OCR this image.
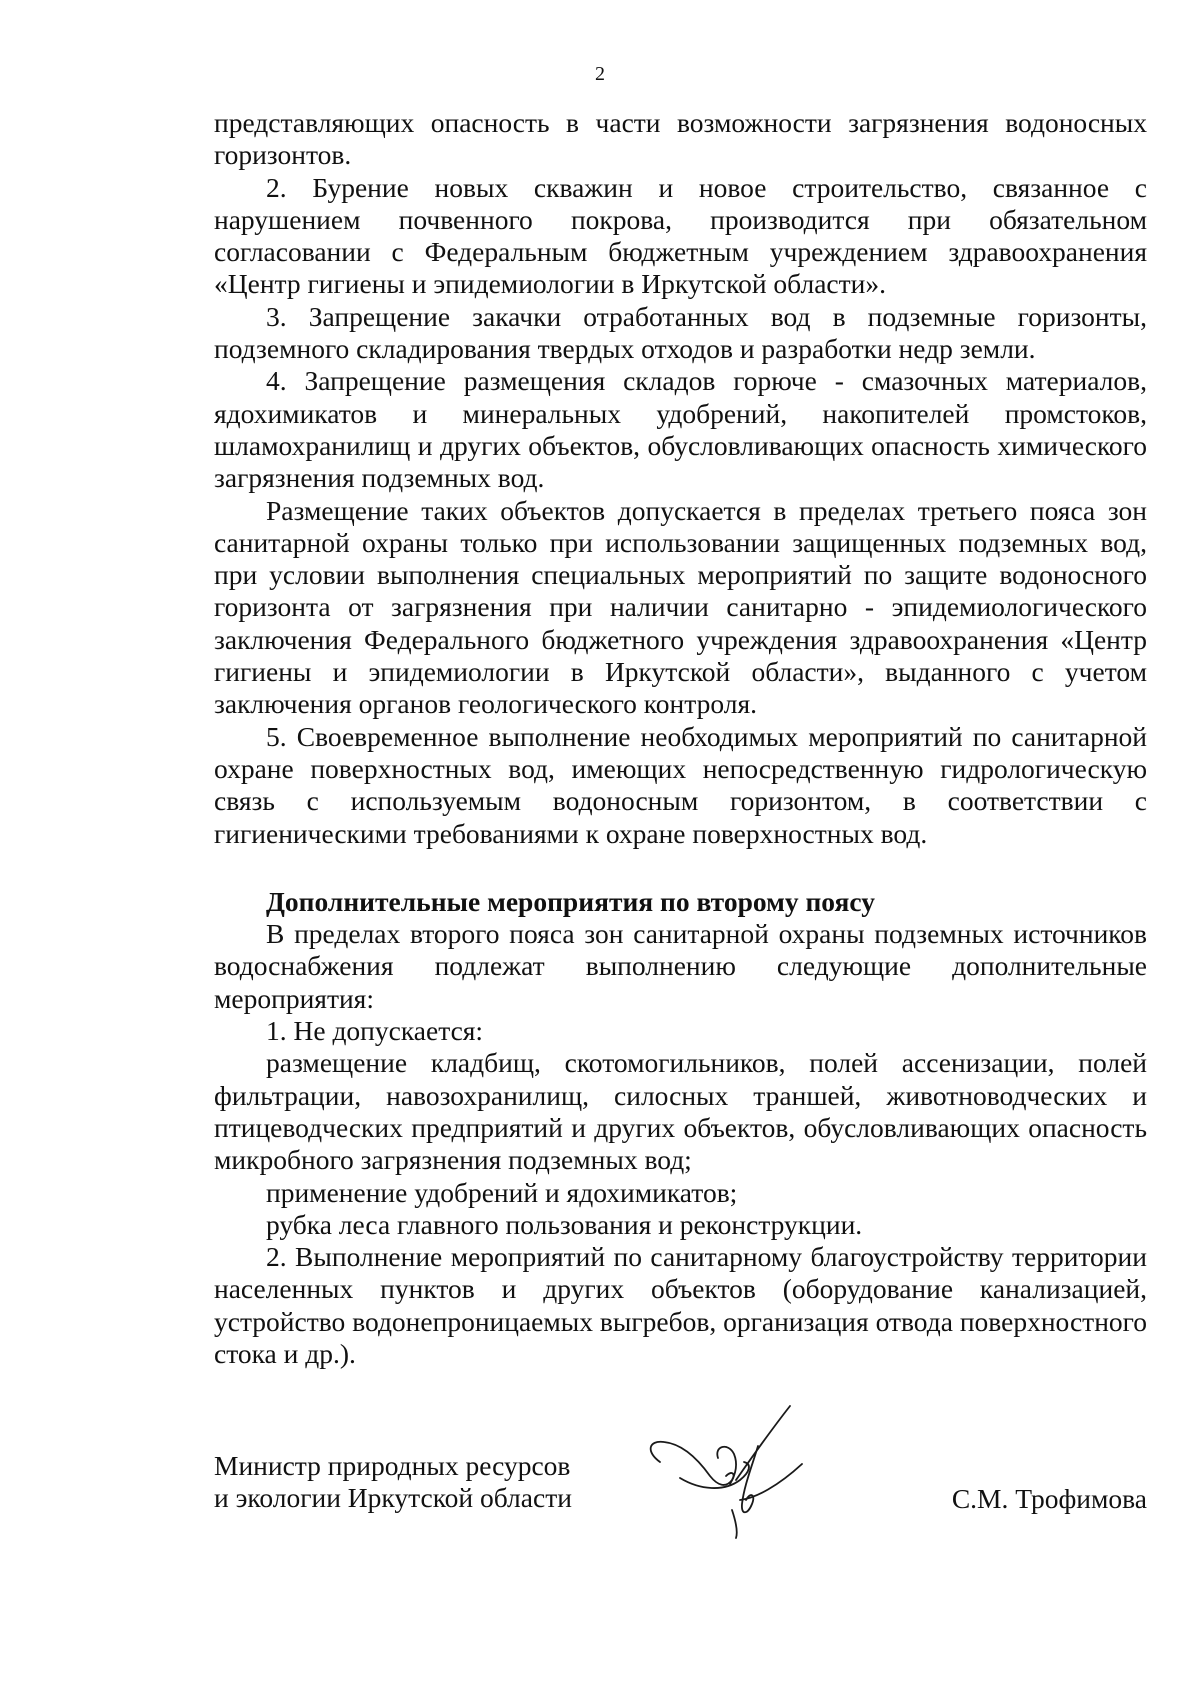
2

представляющих опасность в части возможности загрязнения водоносных горизонтов.

2. Бурение новых скважин и новое строительство, связанное с нарушением почвенного покрова, производится при обязательном согласовании с Федеральным бюджетным учреждением здравоохранения «Центр гигиены и эпидемиологии в Иркутской области».

3. Запрещение закачки отработанных вод в подземные горизонты, подземного складирования твердых отходов и разработки недр земли.

4. Запрещение размещения складов горюче - смазочных материалов, ядохимикатов и минеральных удобрений, накопителей промстоков, шламохранилищ и других объектов, обусловливающих опасность химического загрязнения подземных вод.

Размещение таких объектов допускается в пределах третьего пояса зон санитарной охраны только при использовании защищенных подземных вод, при условии выполнения специальных мероприятий по защите водоносного горизонта от загрязнения при наличии санитарно - эпидемиологического заключения Федерального бюджетного учреждения здравоохранения «Центр гигиены и эпидемиологии в Иркутской области», выданного с учетом заключения органов геологического контроля.

5. Своевременное выполнение необходимых мероприятий по санитарной охране поверхностных вод, имеющих непосредственную гидрологическую связь с используемым водоносным горизонтом, в соответствии с гигиеническими требованиями к охране поверхностных вод.

Дополнительные мероприятия по второму поясу

В пределах второго пояса зон санитарной охраны подземных источников водоснабжения подлежат выполнению следующие дополнительные мероприятия:

1. Не допускается:

размещение кладбищ, скотомогильников, полей ассенизации, полей фильтрации, навозохранилищ, силосных траншей, животноводческих и птицеводческих предприятий и других объектов, обусловливающих опасность микробного загрязнения подземных вод;

применение удобрений и ядохимикатов;

рубка леса главного пользования и реконструкции.

2. Выполнение мероприятий по санитарному благоустройству территории населенных пунктов и других объектов (оборудование канализацией, устройство водонепроницаемых выгребов, организация отвода поверхностного стока и др.).

Министр природных ресурсов
и экологии Иркутской области	С.М. Трофимова
